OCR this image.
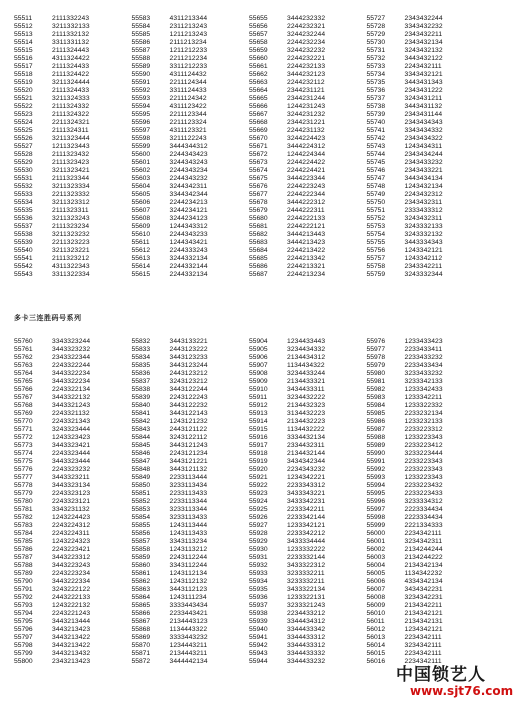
55511	2111332243
55512	3211332133
55513	2111332132
55514	3311331132
55515	2111324443
55516	4311324422
55517	2111324433
55518	2111324422
55519	3211324444
55520	2111324433
55521	3211324333
55522	2111324332
55523	2111324322
55524	2211324321
55525	2111324311
55526	3211323444
55527	1211323443
55528	2111323432
55529	2111323423
55530	3211323421
55531	2111323344
55532	3211323334
55533	2211323332
55534	3211323312
55535	2111323311
55536	3211323243
55537	2111323234
55538	3211323232
55539	2211323223
55540	3211323221
55541	2111323212
55542	4311322343
55543	3311322334
55583	4311213344
55584	2311213243
55585	1211213243
55586	2111213234
55587	1211212233
55588	2211212234
55589	3311212233
55590	4311124432
55591	2211124344
55592	3311124433
55593	2211124342
55594	4311123422
55595	2211123344
55596	2211123324
55597	4311123321
55598	3211122243
55599	3444344312
55600	2244343423
55601	3244343243
55602	2244343234
55603	2244343232
55604	3244342311
55605	3344342344
55606	2244234213
55607	3244234121
55608	3244234123
55609	1244343312
55610	2244343233
55611	1244343421
55612	2244333243
55613	3244332134
55614	2244332144
55615	2244332134
55655	3444232332
55656	2244232321
55657	3244232244
55658	2244232234
55659	3244232232
55660	2244232221
55661	2244232133
55662	3444232123
55663	2244232112
55664	2344231121
55665	2344231244
55666	1244231243
55667	3244231232
55668	2344231221
55669	2244231132
55670	3244224423
55671	3444224312
55672	1244224344
55673	2244224422
55674	2244224421
55675	3444223344
55676	2244223243
55677	2244222344
55678	3444222312
55679	2444222311
55680	2244222133
55681	2244222121
55682	3444213443
55683	3444213423
55684	2244213422
55685	2244213342
55686	2244213321
55687	2244213234
55727	2343432244
55728	3343432232
55729	2343432211
55730	2343432134
55731	3243432132
55732	3443432122
55733	2243432111
55734	3343432121
55735	3443431343
55736	2343431222
55737	3243431211
55738	3443431132
55739	2343431144
55740	2343434343
55741	3343434332
55742	2343434322
55743	1243434311
55744	2343434244
55745	2343433232
55746	2343433221
55747	3443434134
55748	1243432134
55749	2243432312
55750	2343432311
55751	2333433312
55752	3243432311
55753	3243332133
55754	3243332132
55755	3443334343
55756	1243342121
55757	1243342112
55758	2343342211
55759	3243332344
多卡三连胜码号系列
55760	3343323244
55761	3443323232
55762	2343322344
55763	2243322244
55764	3443322234
55765	3443322234
55766	2243322134
55767	3443322132
55768	3443321243
55769	2243321132
55770	2243321343
55771	3243323444
55772	1243323423
55773	3443323421
55774	2243323444
55775	3443323444
55776	2243323232
55777	3443323211
55778	3443323134
55779	2243323123
55780	2243323121
55781	3343231132
55782	1243224423
55783	2243224312
55784	2243224311
55785	1243224323
55786	2243223421
55787	3443223312
55788	3443223243
55789	2243223234
55790	3443222334
55791	3243222122
55792	2443222133
55793	1243222132
55794	2243221243
55795	3443213444
55796	3443213423
55797	3443213422
55798	3443213422
55799	3443213432
55800	2343213423
55832	3443133221
55833	2443123222
55834	3443123233
55835	3443123244
55836	2443123212
55837	3243123212
55838	3443122244
55839	2243122243
55840	3443122232
55841	3443122143
55842	1243121232
55843	2443121122
55844	3243122112
55845	3443121243
55846	2243121234
55847	3443121221
55848	3443121132
55849	2233113444
55850	3233113434
55851	2233113433
55852	2233113344
55853	3233113344
55854	3233113433
55855	1243113444
55856	1243113433
55857	3343113234
55858	1243113212
55859	2243112244
55860	3343112244
55861	1243112134
55862	1243112132
55863	3443112123
55864	1243111234
55865	3333443434
55866	2233443421
55867	2134443123
55868	1134443322
55869	3333443232
55870	1234443211
55871	2134443211
55872	3444442134
55904	1234433443
55905	3234434332
55906	2134434312
55907	1134434322
55908	3234433244
55909	2134433321
55910	3434433311
55911	3234432222
55912	2134432323
55913	3134432223
55914	2134432223
55915	1134432222
55916	3334432134
55917	2334432311
55918	2134432144
55919	3434342344
55920	2234343232
55921	1234342221
55922	2233343312
55923	3433343221
55924	3433342231
55925	2233342211
55926	2233342144
55927	1233342121
55928	2233342212
55929	3433334444
55930	1233332222
55931	2233332144
55932	3433322312
55933	3233332211
55934	3233332211
55935	3433322134
55936	1233322131
55937	3233321243
55938	2234433212
55939	3344434312
55940	3344433342
55941	3344433312
55942	3344433312
55943	3344433332
55944	3344433232
55976	1233433423
55977	2233433411
55978	2233433232
55979	2233433434
55980	3233433232
55981	3233342133
55982	1233342433
55983	1233342211
55984	1233322332
55985	2233232134
55986	1233232133
55987	2233223312
55988	1233223343
55989	2233223412
55990	3233223444
55991	2233223343
55992	2233223343
55993	1233223343
55994	2233223432
55995	2233223433
55996	3233334312
55997	2223334434
55998	2223334434
55999	2221334333
56000	2234342111
56001	3234342311
56002	2134244244
56003	2134244222
56004	2134342134
56005	1134342232
56006	4334342134
56007	3434342231
56008	3234342231
56009	2134342211
56010	2134342121
56011	2134342131
56012	1234342121
56013	2234342111
56014	3234342111
56015	2234342111
56016	2234342111
中国锁艺人
www.sjt76.com
